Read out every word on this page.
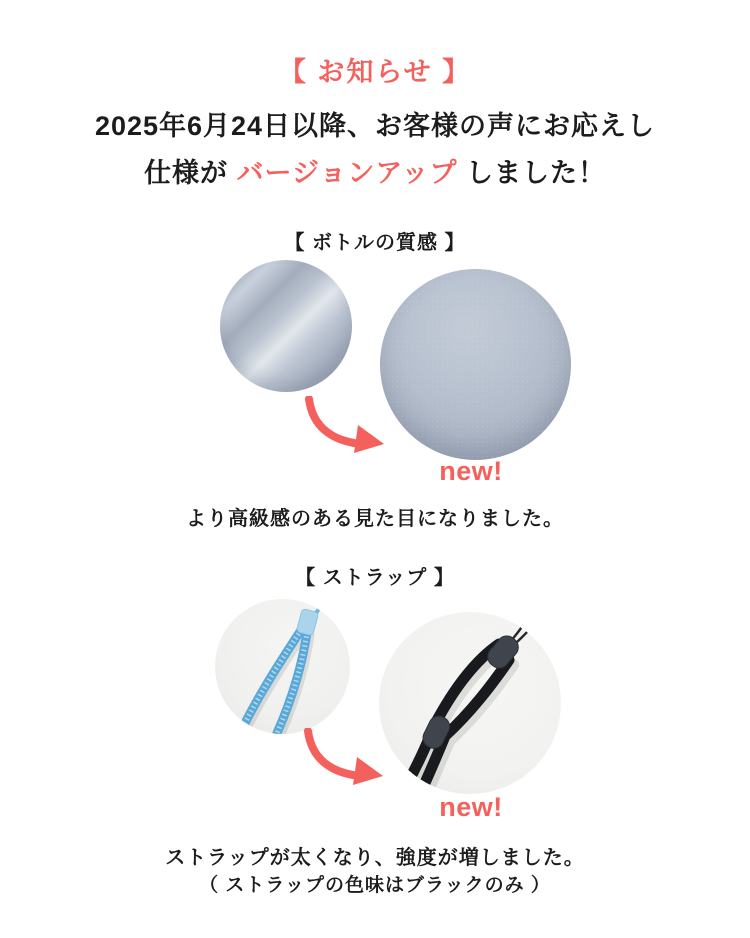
【 お知らせ 】
2025年6月24日以降、お客様の声にお応えし
仕様が バージョンアップ しました！
【 ボトルの質感 】
new!
より高級感のある見た目になりました。
【 ストラップ 】
new!
ストラップが太くなり、強度が増しました。
（ ストラップの色味はブラックのみ ）
